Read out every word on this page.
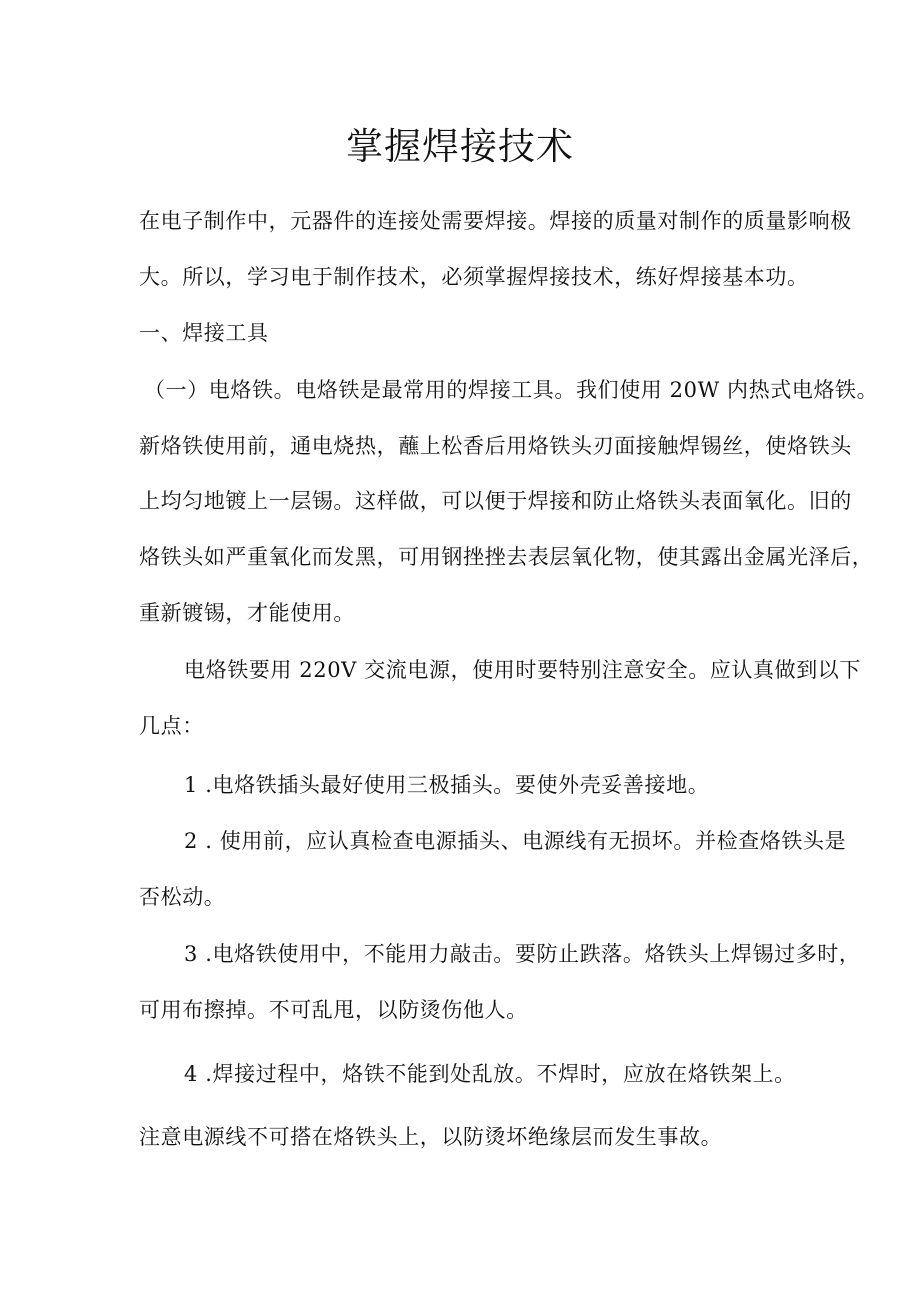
掌握焊接技术
在电子制作中，元器件的连接处需要焊接。焊接的质量对制作的质量影响极
大。所以，学习电于制作技术，必须掌握焊接技术，练好焊接基本功。
一、焊接工具
（一）电烙铁。电烙铁是最常用的焊接工具。我们使用 20W 内热式电烙铁。
新烙铁使用前，通电烧热，蘸上松香后用烙铁头刃面接触焊锡丝，使烙铁头
上均匀地镀上一层锡。这样做，可以便于焊接和防止烙铁头表面氧化。旧的
烙铁头如严重氧化而发黑，可用钢挫挫去表层氧化物，使其露出金属光泽后，
重新镀锡，才能使用。
电烙铁要用 220V 交流电源，使用时要特别注意安全。应认真做到以下
几点：
1 .电烙铁插头最好使用三极插头。要使外壳妥善接地。
2 . 使用前，应认真检查电源插头、电源线有无损坏。并检查烙铁头是
否松动。
3 .电烙铁使用中，不能用力敲击。要防止跌落。烙铁头上焊锡过多时，
可用布擦掉。不可乱甩，以防烫伤他人。
4 .焊接过程中，烙铁不能到处乱放。不焊时，应放在烙铁架上。
注意电源线不可搭在烙铁头上，以防烫坏绝缘层而发生事故。
